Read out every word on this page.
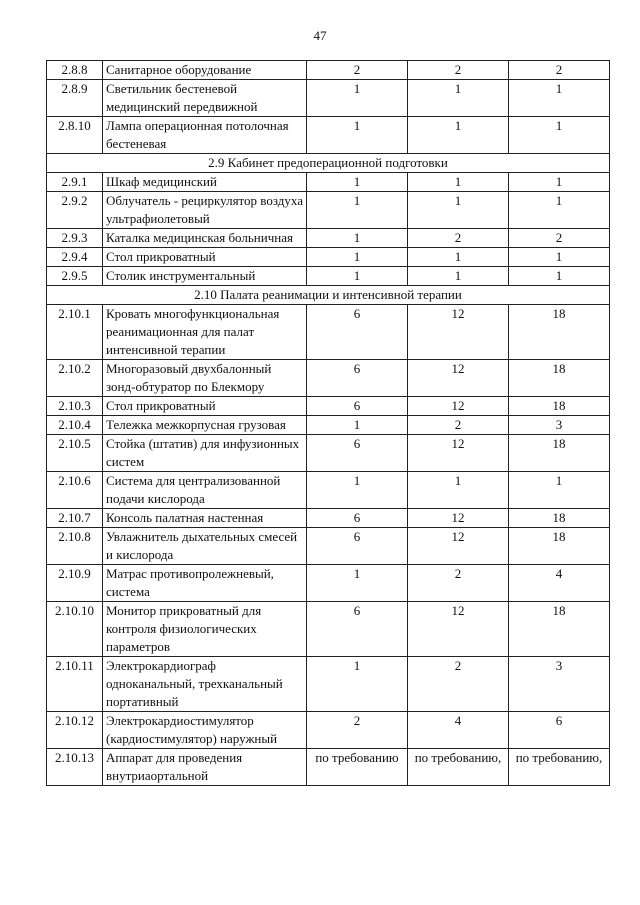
47
2.8.8	Санитарное оборудование	2	2	2
2.8.9	Светильник бестеневой медицинский передвижной	1	1	1
2.8.10	Лампа операционная потолочная бестеневая	1	1	1
2.9 Кабинет предоперационной подготовки				
2.9.1	Шкаф медицинский	1	1	1
2.9.2	Облучатель - рециркулятор воздуха ультрафиолетовый	1	1	1
2.9.3	Каталка медицинская больничная	1	2	2
2.9.4	Стол прикроватный	1	1	1
2.9.5	Столик инструментальный	1	1	1
2.10 Палата реанимации и интенсивной терапии				
2.10.1	Кровать многофункциональная реанимационная для палат интенсивной терапии	6	12	18
2.10.2	Многоразовый двухбалонный зонд-обтуратор по Блекмору	6	12	18
2.10.3	Стол прикроватный	6	12	18
2.10.4	Тележка межкорпусная грузовая	1	2	3
2.10.5	Стойка (штатив) для инфузионных систем	6	12	18
2.10.6	Система для централизованной подачи кислорода	1	1	1
2.10.7	Консоль палатная настенная	6	12	18
2.10.8	Увлажнитель дыхательных смесей и кислорода	6	12	18
2.10.9	Матрас противопролежневый, система	1	2	4
2.10.10	Монитор прикроватный для контроля физиологических параметров	6	12	18
2.10.11	Электрокардиограф одноканальный, трехканальный портативный	1	2	3
2.10.12	Электрокардиостимулятор (кардиостимулятор) наружный	2	4	6
2.10.13	Аппарат для проведения внутриаортальной	по требованию	по требованию,	по требованию,
